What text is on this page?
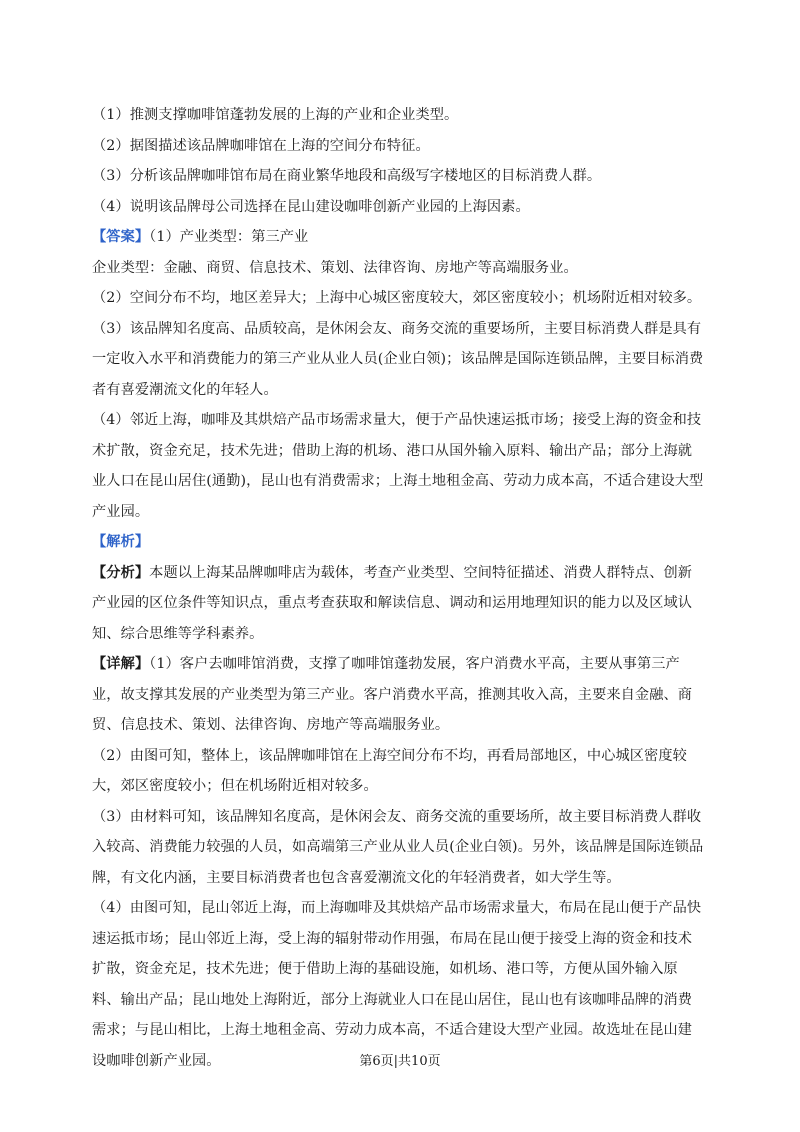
（1）推测支撑咖啡馆蓬勃发展的上海的产业和企业类型。

（2）据图描述该品牌咖啡馆在上海的空间分布特征。

（3）分析该品牌咖啡馆布局在商业繁华地段和高级写字楼地区的目标消费人群。

（4）说明该品牌母公司选择在昆山建设咖啡创新产业园的上海因素。

【答案】（1）产业类型：第三产业

企业类型：金融、商贸、信息技术、策划、法律咨询、房地产等高端服务业。

（2）空间分布不均，地区差异大；上海中心城区密度较大，郊区密度较小；机场附近相对较多。

（3）该品牌知名度高、品质较高，是休闲会友、商务交流的重要场所，主要目标消费人群是具有一定收入水平和消费能力的第三产业从业人员(企业白领)；该品牌是国际连锁品牌，主要目标消费者有喜爱潮流文化的年轻人。

（4）邻近上海，咖啡及其烘焙产品市场需求量大，便于产品快速运抵市场；接受上海的资金和技术扩散，资金充足，技术先进；借助上海的机场、港口从国外输入原料、输出产品；部分上海就业人口在昆山居住(通勤)，昆山也有消费需求；上海土地租金高、劳动力成本高，不适合建设大型产业园。

【解析】

【分析】本题以上海某品牌咖啡店为载体，考查产业类型、空间特征描述、消费人群特点、创新产业园的区位条件等知识点，重点考查获取和解读信息、调动和运用地理知识的能力以及区域认知、综合思维等学科素养。

【详解】（1）客户去咖啡馆消费，支撑了咖啡馆蓬勃发展，客户消费水平高，主要从事第三产业，故支撑其发展的产业类型为第三产业。客户消费水平高，推测其收入高，主要来自金融、商贸、信息技术、策划、法律咨询、房地产等高端服务业。

（2）由图可知，整体上，该品牌咖啡馆在上海空间分布不均，再看局部地区，中心城区密度较大，郊区密度较小；但在机场附近相对较多。

（3）由材料可知，该品牌知名度高，是休闲会友、商务交流的重要场所，故主要目标消费人群收入较高、消费能力较强的人员，如高端第三产业从业人员(企业白领)。另外，该品牌是国际连锁品牌，有文化内涵，主要目标消费者也包含喜爱潮流文化的年轻消费者，如大学生等。

（4）由图可知，昆山邻近上海，而上海咖啡及其烘焙产品市场需求量大，布局在昆山便于产品快速运抵市场；昆山邻近上海，受上海的辐射带动作用强，布局在昆山便于接受上海的资金和技术扩散，资金充足，技术先进；便于借助上海的基础设施，如机场、港口等，方便从国外输入原料、输出产品；昆山地处上海附近，部分上海就业人口在昆山居住，昆山也有该咖啡品牌的消费需求；与昆山相比，上海土地租金高、劳动力成本高，不适合建设大型产业园。故选址在昆山建设咖啡创新产业园。	第6页|共10页
